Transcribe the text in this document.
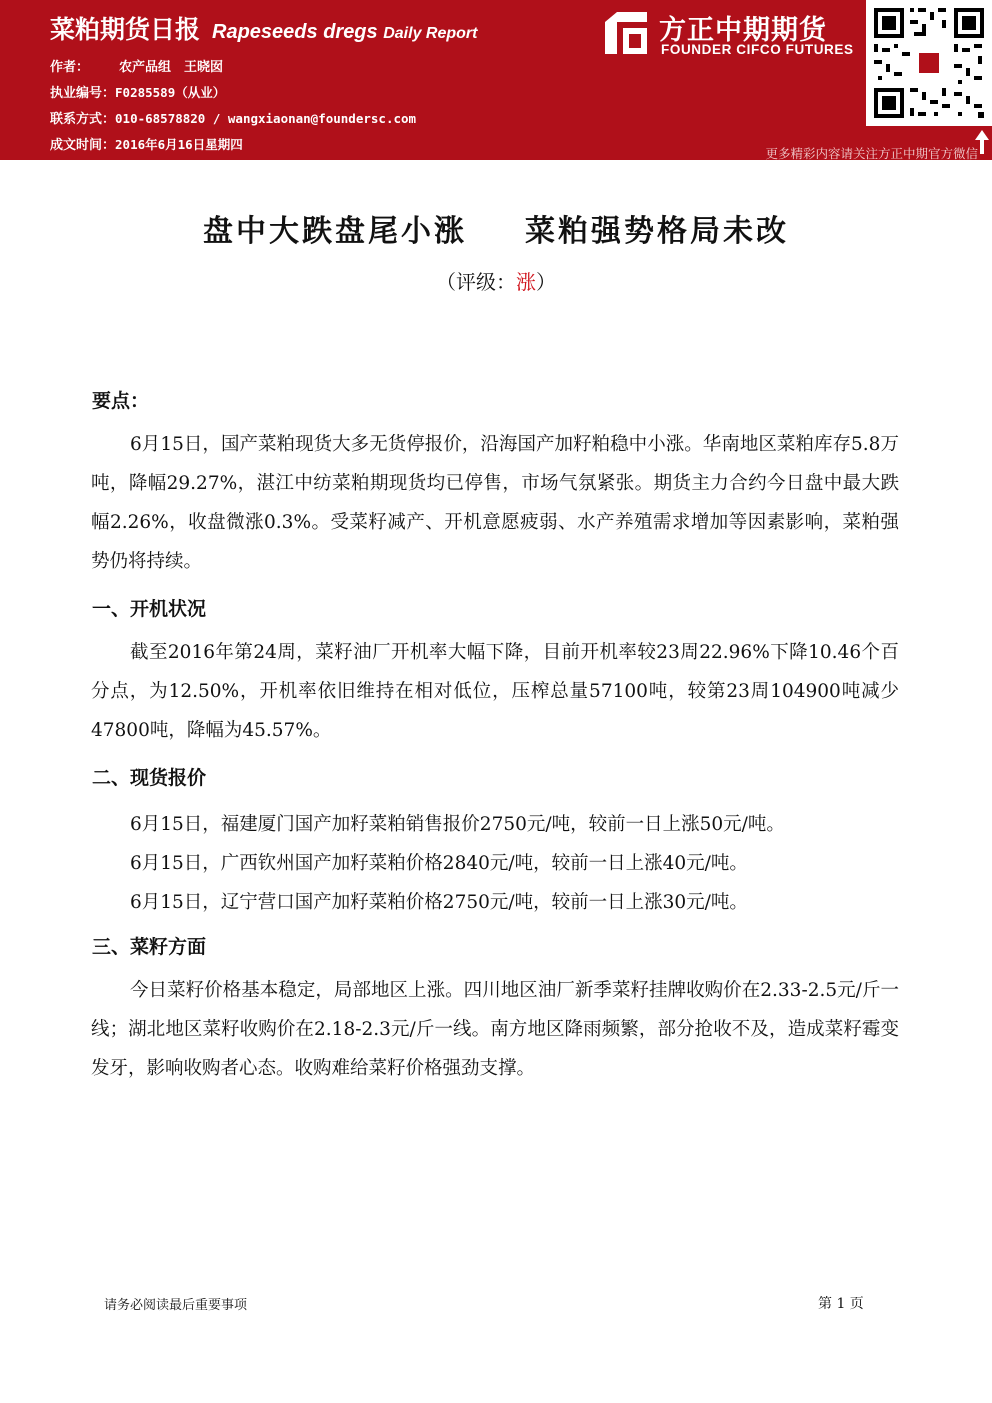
菜粕期货日报 Rapeseeds dregs Daily Report
作者： 农产品组　王晓囡
执业编号：F0285589（从业）
联系方式：010-68578820 / wangxiaonan@foundersc.com
成文时间：2016年6月16日星期四
方正中期期货
FOUNDER CIFCO FUTURES
更多精彩内容请关注方正中期官方微信
盘中大跌盘尾小涨 菜粕强势格局未改
（评级：涨）
要点：
6月15日，国产菜粕现货大多无货停报价，沿海国产加籽粕稳中小涨。华南地区菜粕库存5.8万吨，降幅29.27%，湛江中纺菜粕期现货均已停售，市场气氛紧张。期货主力合约今日盘中最大跌幅2.26%，收盘微涨0.3%。受菜籽减产、开机意愿疲弱、水产养殖需求增加等因素影响，菜粕强势仍将持续。
一、开机状况
截至2016年第24周，菜籽油厂开机率大幅下降，目前开机率较23周22.96%下降10.46个百分点，为12.50%，开机率依旧维持在相对低位，压榨总量57100吨，较第23周104900吨减少47800吨，降幅为45.57%。
二、现货报价
6月15日，福建厦门国产加籽菜粕销售报价2750元/吨，较前一日上涨50元/吨。
6月15日，广西钦州国产加籽菜粕价格2840元/吨，较前一日上涨40元/吨。
6月15日，辽宁营口国产加籽菜粕价格2750元/吨，较前一日上涨30元/吨。
三、菜籽方面
今日菜籽价格基本稳定，局部地区上涨。四川地区油厂新季菜籽挂牌收购价在2.33-2.5元/斤一线；湖北地区菜籽收购价在2.18-2.3元/斤一线。南方地区降雨频繁，部分抢收不及，造成菜籽霉变发牙，影响收购者心态。收购难给菜籽价格强劲支撑。
请务必阅读最后重要事项	第 1 页
